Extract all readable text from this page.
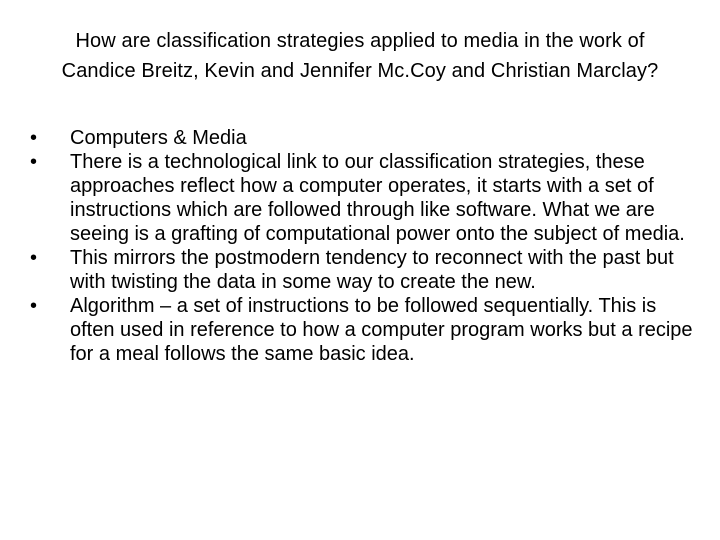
How are classification strategies applied to media in the work of
Candice Breitz, Kevin and Jennifer Mc.Coy and Christian Marclay?
•	Computers & Media
•	There is a technological link to our classification strategies, these approaches reflect how a computer operates, it starts with a set of instructions which are followed through like software. What we are seeing is a grafting of computational power onto the subject of media.
•	This mirrors the postmodern tendency to reconnect with the past but with twisting the data in some way to create the new.
•	Algorithm – a set of instructions to be followed sequentially. This is often used in reference to how a computer program works but a recipe for a meal follows the same basic idea.
